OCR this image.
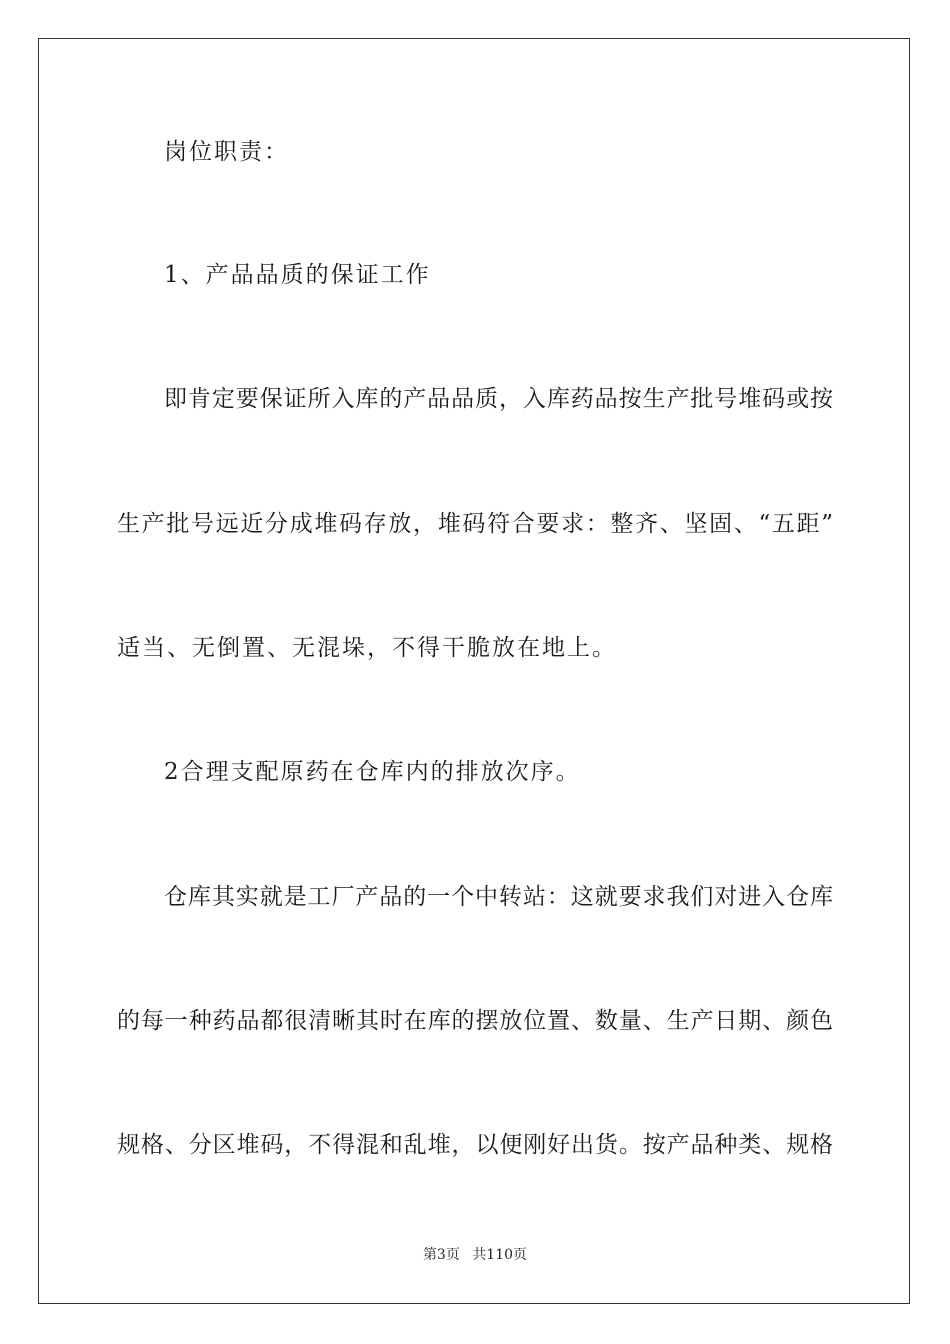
岗位职责：
1、产品品质的保证工作
即肯定要保证所入库的产品品质，入库药品按生产批号堆码或按
生产批号远近分成堆码存放，堆码符合要求：整齐、坚固、“五距”
适当、无倒置、无混垛，不得干脆放在地上。
2合理支配原药在仓库内的排放次序。
仓库其实就是工厂产品的一个中转站：这就要求我们对进入仓库
的每一种药品都很清晰其时在库的摆放位置、数量、生产日期、颜色
规格、分区堆码，不得混和乱堆，以便刚好出货。按产品种类、规格
第3页 共110页
